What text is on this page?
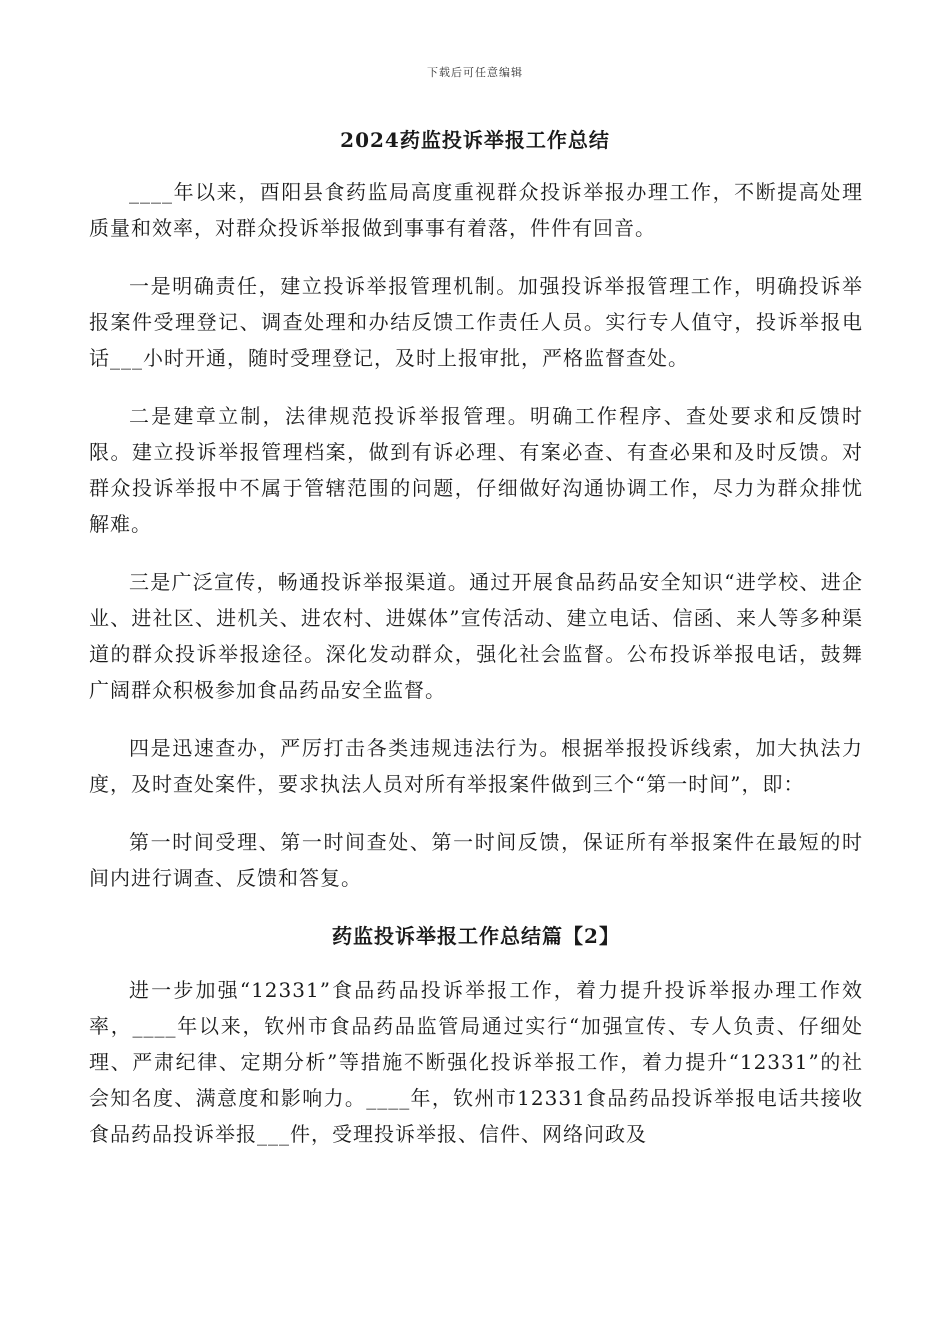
下载后可任意编辑
2024药监投诉举报工作总结

____年以来，酉阳县食药监局高度重视群众投诉举报办理工作，不断提高处理质量和效率，对群众投诉举报做到事事有着落，件件有回音。

一是明确责任，建立投诉举报管理机制。加强投诉举报管理工作，明确投诉举报案件受理登记、调查处理和办结反馈工作责任人员。实行专人值守，投诉举报电话___小时开通，随时受理登记，及时上报审批，严格监督查处。

二是建章立制，法律规范投诉举报管理。明确工作程序、查处要求和反馈时限。建立投诉举报管理档案，做到有诉必理、有案必查、有查必果和及时反馈。对群众投诉举报中不属于管辖范围的问题，仔细做好沟通协调工作，尽力为群众排忧解难。

三是广泛宣传，畅通投诉举报渠道。通过开展食品药品安全知识“进学校、进企业、进社区、进机关、进农村、进媒体”宣传活动、建立电话、信函、来人等多种渠道的群众投诉举报途径。深化发动群众，强化社会监督。公布投诉举报电话，鼓舞广阔群众积极参加食品药品安全监督。

四是迅速查办，严厉打击各类违规违法行为。根据举报投诉线索，加大执法力度，及时查处案件，要求执法人员对所有举报案件做到三个“第一时间”，即：

第一时间受理、第一时间查处、第一时间反馈，保证所有举报案件在最短的时间内进行调查、反馈和答复。

药监投诉举报工作总结篇【2】

进一步加强“12331”食品药品投诉举报工作，着力提升投诉举报办理工作效率，____年以来，钦州市食品药品监管局通过实行“加强宣传、专人负责、仔细处理、严肃纪律、定期分析”等措施不断强化投诉举报工作，着力提升“12331”的社会知名度、满意度和影响力。____年，钦州市12331食品药品投诉举报电话共接收食品药品投诉举报___件，受理投诉举报、信件、网络问政及
